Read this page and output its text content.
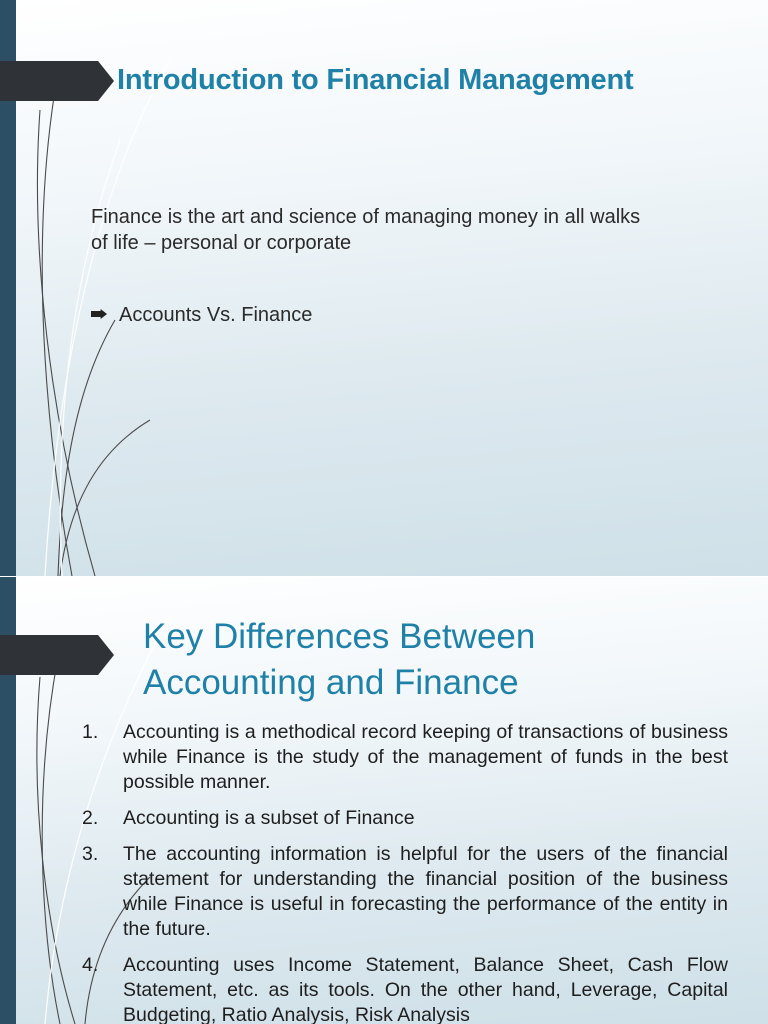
Introduction to Financial Management
Finance is the art and science of managing money in all walks of life – personal or corporate
Accounts Vs. Finance
Key Differences Between Accounting and Finance
1. Accounting is a methodical record keeping of transactions of business while Finance is the study of the management of funds in the best possible manner.
2. Accounting is a subset of Finance
3. The accounting information is helpful for the users of the financial statement for understanding the financial position of the business while Finance is useful in forecasting the performance of the entity in the future.
4. Accounting uses Income Statement, Balance Sheet, Cash Flow Statement, etc. as its tools. On the other hand, Leverage, Capital Budgeting, Ratio Analysis, Risk Analysis
